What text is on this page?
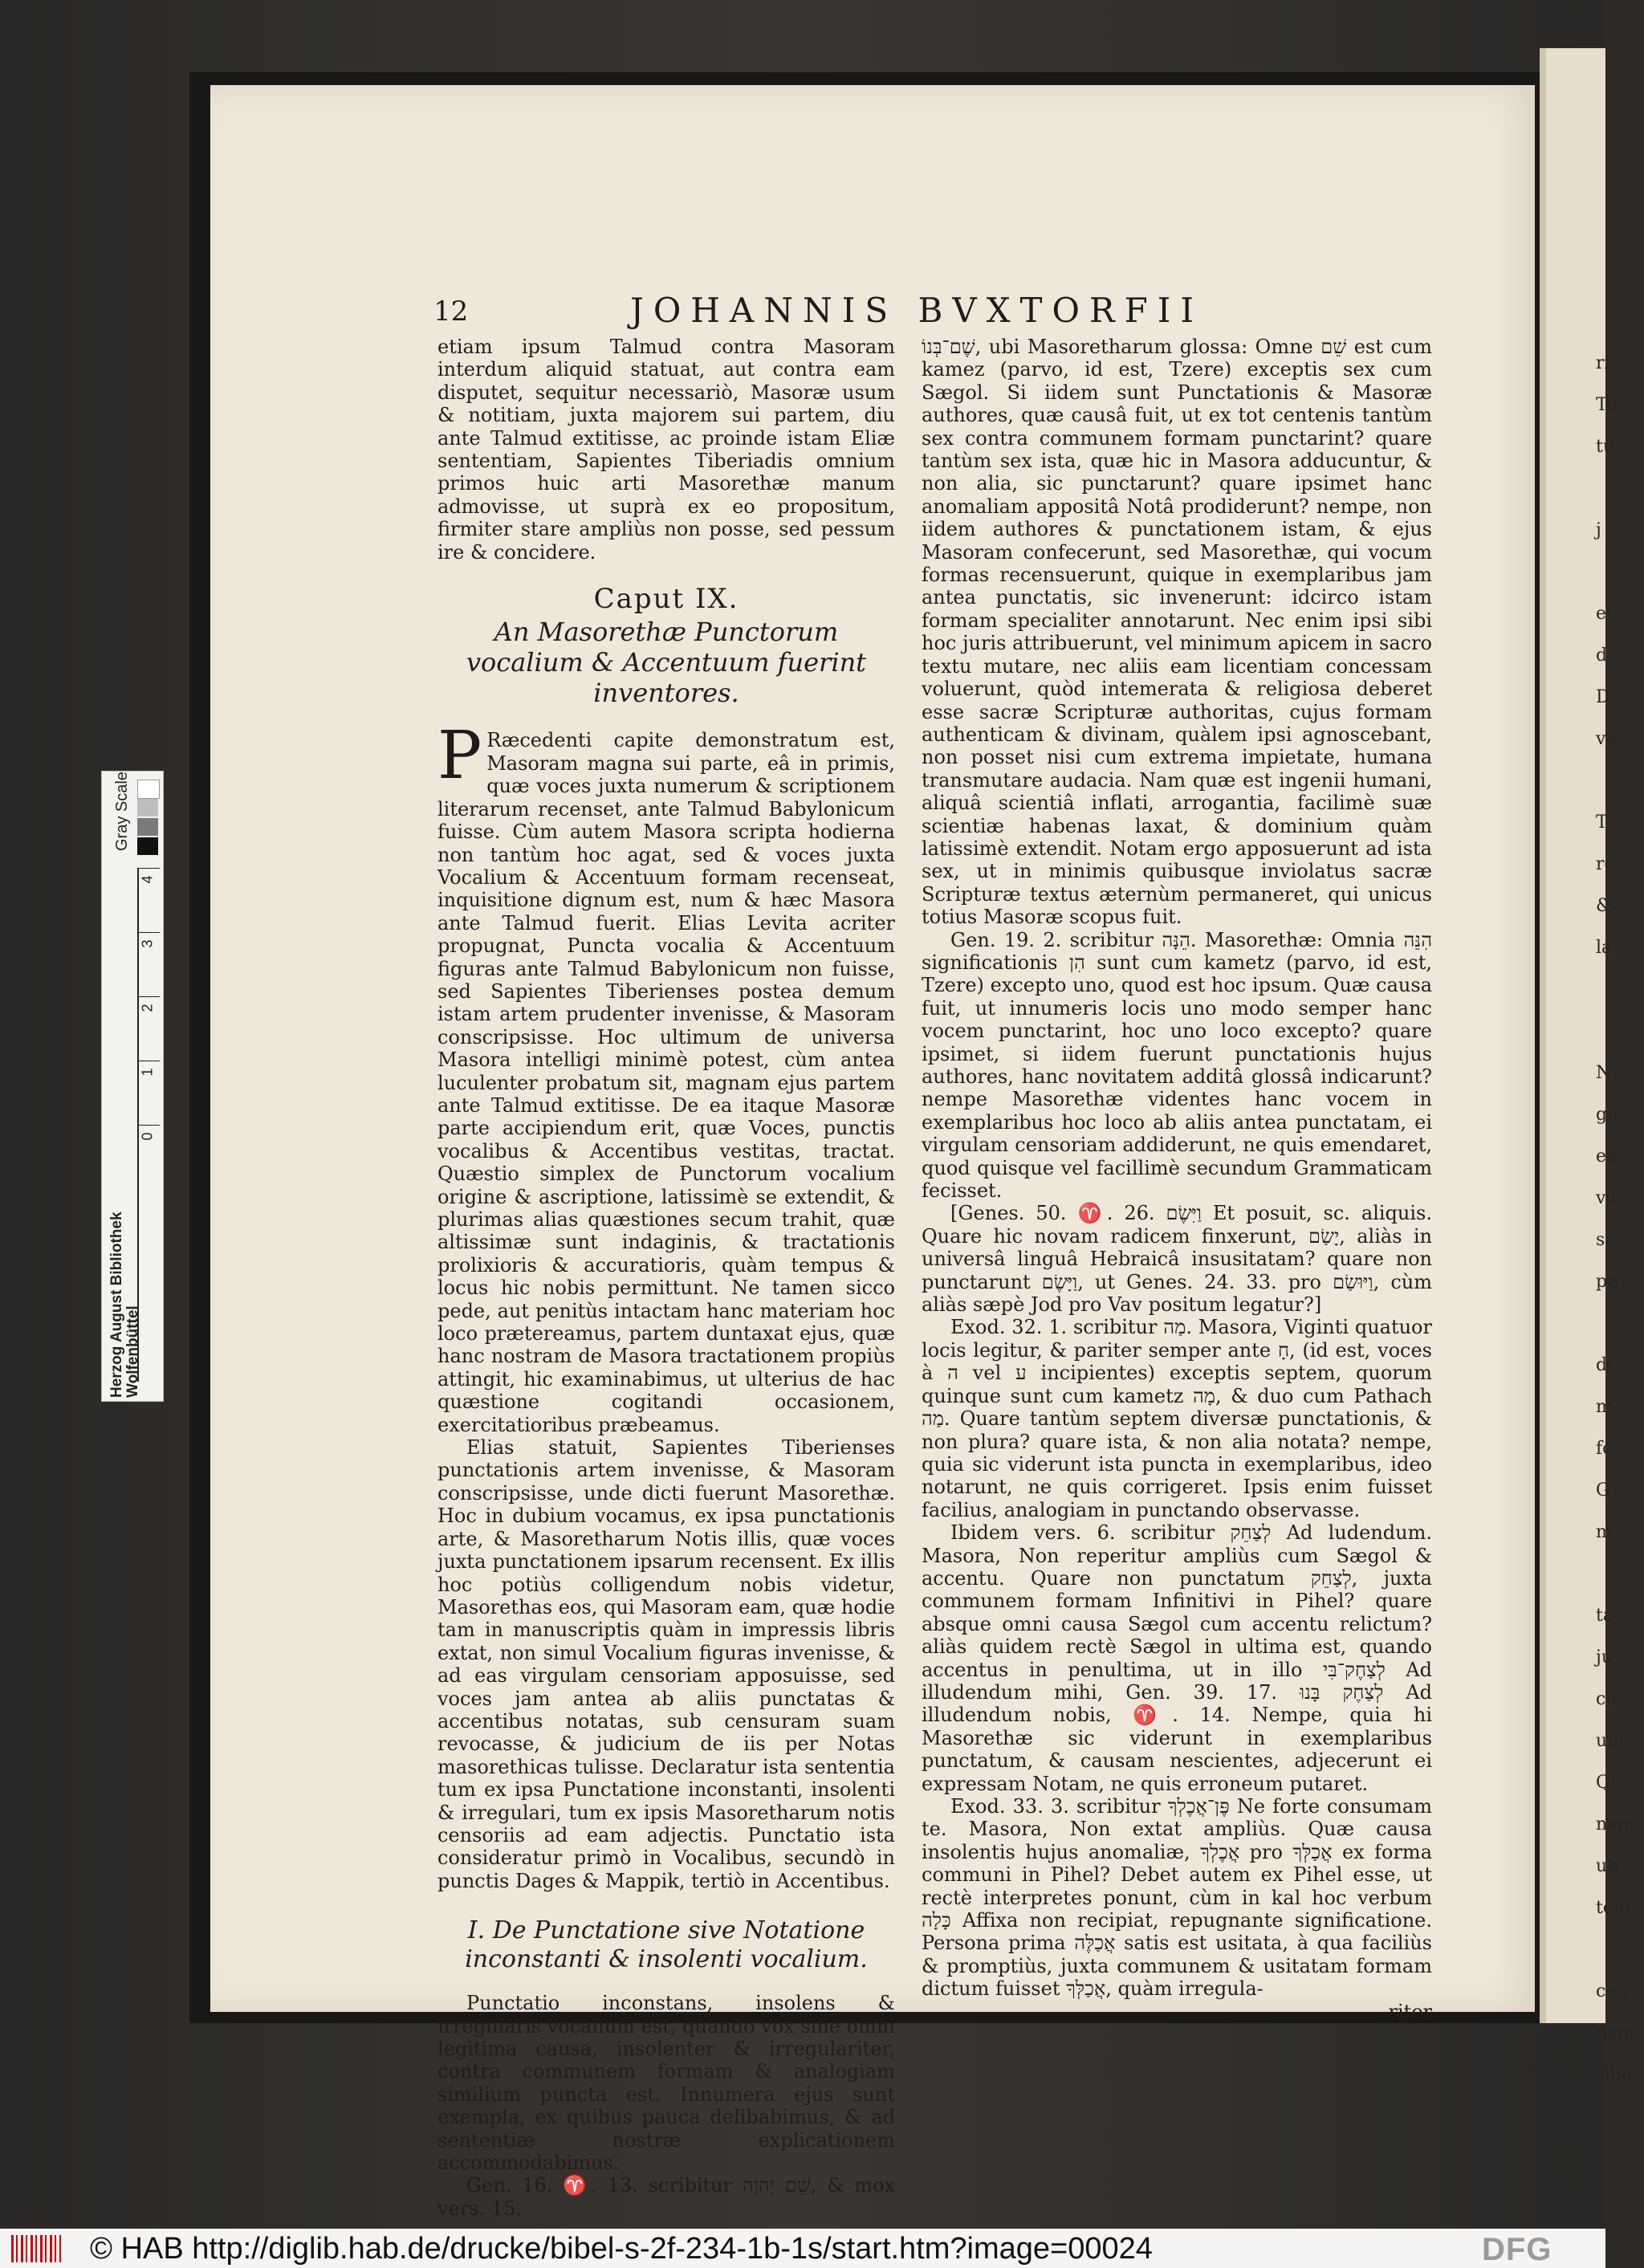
ri
Te
tu
j
ei
d
D
ve
T
re
&
la
Ni
gu
ex
vo
su
pe
di
m
fe
G
m
ta
ju
cu
ubi
Qu
nem
ub
tem
cen
nem
ribu
12	JOHANNIS BVXTORFII

etiam ipsum Talmud contra Masoram interdum aliquid statuat, aut contra eam disputet, sequitur necessariò, Masoræ usum & notitiam, juxta majorem sui partem, diu ante Talmud extitisse, ac proinde istam Eliæ sententiam, Sapientes Tiberiadis omnium primos huic arti Masorethæ manum admovisse, ut suprà ex eo propositum, firmiter stare ampliùs non posse, sed pessum ire & concidere.

Caput IX.
An Masorethæ Punctorum vocalium & Accentuum fuerint inventores.

P Ræcedenti capite demonstratum est, Masoram magna sui parte, eâ in primis, quæ voces juxta numerum & scriptionem literarum recenset, ante Talmud Babylonicum fuisse. Cùm autem Masora scripta hodierna non tantùm hoc agat, sed & voces juxta Vocalium & Accentuum formam recenseat, inquisitione dignum est, num & hæc Masora ante Talmud fuerit. Elias Levita acriter propugnat, Puncta vocalia & Accentuum figuras ante Talmud Babylonicum non fuisse, sed Sapientes Tiberienses postea demum istam artem prudenter invenisse, & Masoram conscripsisse. Hoc ultimum de universa Masora intelligi minimè potest, cùm antea luculenter probatum sit, magnam ejus partem ante Talmud extitisse. De ea itaque Masoræ parte accipiendum erit, quæ Voces, punctis vocalibus & Accentibus vestitas, tractat. Quæstio simplex de Punctorum vocalium origine & ascriptione, latissimè se extendit, & plurimas alias quæstiones secum trahit, quæ altissimæ sunt indaginis, & tractationis prolixioris & accuratioris, quàm tempus & locus hic nobis permittunt. Ne tamen sicco pede, aut penitùs intactam hanc materiam hoc loco prætereamus, partem duntaxat ejus, quæ hanc nostram de Masora tractationem propiùs attingit, hic examinabimus, ut ulterius de hac quæstione cogitandi occasionem, exercitatioribus præbeamus.

Elias statuit, Sapientes Tiberienses punctationis artem invenisse, & Masoram conscripsisse, unde dicti fuerunt Masorethæ. Hoc in dubium vocamus, ex ipsa punctationis arte, & Masoretharum Notis illis, quæ voces juxta punctationem ipsarum recensent. Ex illis hoc potiùs colligendum nobis videtur, Masorethas eos, qui Masoram eam, quæ hodie tam in manuscriptis quàm in impressis libris extat, non simul Vocalium figuras invenisse, & ad eas virgulam censoriam apposuisse, sed voces jam antea ab aliis punctatas & accentibus notatas, sub censuram suam revocasse, & judicium de iis per Notas masorethicas tulisse. Declaratur ista sententia tum ex ipsa Punctatione inconstanti, insolenti & irregulari, tum ex ipsis Masoretharum notis censoriis ad eam adjectis. Punctatio ista consideratur primò in Vocalibus, secundò in punctis Dages & Mappik, tertiò in Accentibus.

I. De Punctatione sive Notatione inconstanti & insolenti vocalium.

Punctatio inconstans, insolens & irregularis vocalium est, quando vox sine omni legitima causa, insolenter & irregulariter, contra communem formam & analogiam similium puncta est. Innumera ejus sunt exempla, ex quibus pauca delibabimus, & ad sententiæ nostræ explicationem accommodabimus.

Gen. 16. ♈. 13. scribitur שֵׁם יְהוָה, & mox vers. 15.

שֶׁם־בְּנוֹ, ubi Masoretharum glossa: Omne שֵׁם est cum kamez (parvo, id est, Tzere) exceptis sex cum Sægol. Si iidem sunt Punctationis & Masoræ authores, quæ causâ fuit, ut ex tot centenis tantùm sex contra communem formam punctarint? quare tantùm sex ista, quæ hic in Masora adducuntur, & non alia, sic punctarunt? quare ipsimet hanc anomaliam appositâ Notâ prodiderunt? nempe, non iidem authores & punctationem istam, & ejus Masoram confecerunt, sed Masorethæ, qui vocum formas recensuerunt, quique in exemplaribus jam antea punctatis, sic invenerunt: idcirco istam formam specialiter annotarunt. Nec enim ipsi sibi hoc juris attribuerunt, vel minimum apicem in sacro textu mutare, nec aliis eam licentiam concessam voluerunt, quòd intemerata & religiosa deberet esse sacræ Scripturæ authoritas, cujus formam authenticam & divinam, quàlem ipsi agnoscebant, non posset nisi cum extrema impietate, humana transmutare audacia. Nam quæ est ingenii humani, aliquâ scientiâ inflati, arrogantia, facilimè suæ scientiæ habenas laxat, & dominium quàm latissimè extendit. Notam ergo apposuerunt ad ista sex, ut in minimis quibusque inviolatus sacræ Scripturæ textus æternùm permaneret, qui unicus totius Masoræ scopus fuit.

Gen. 19. 2. scribitur הֵנָּה. Masorethæ: Omnia הִנֵּה significationis הִן sunt cum kametz (parvo, id est, Tzere) excepto uno, quod est hoc ipsum. Quæ causa fuit, ut innumeris locis uno modo semper hanc vocem punctarint, hoc uno loco excepto? quare ipsimet, si iidem fuerunt punctationis hujus authores, hanc novitatem additâ glossâ indicarunt? nempe Masorethæ videntes hanc vocem in exemplaribus hoc loco ab aliis antea punctatam, ei virgulam censoriam addiderunt, ne quis emendaret, quod quisque vel facillimè secundum Grammaticam fecisset.

[Genes. 50. ♈. 26. וַיִּשֶׂם Et posuit, sc. aliquis. Quare hic novam radicem finxerunt, יָשַׂם, aliàs in universâ linguâ Hebraicâ insusitatam? quare non punctarunt וַיָּשֶׂם, ut Genes. 24. 33. pro וַיּוּשַׂם, cùm aliàs sæpè Jod pro Vav positum legatur?]

Exod. 32. 1. scribitur מַה. Masora, Viginti quatuor locis legitur, & pariter semper ante חָ, (id est, voces à ה vel ע incipientes) exceptis septem, quorum quinque sunt cum kametz מָה, & duo cum Pathach מַה. Quare tantùm septem diversæ punctationis, & non plura? quare ista, & non alia notata? nempe, quia sic viderunt ista puncta in exemplaribus, ideo notarunt, ne quis corrigeret. Ipsis enim fuisset facilius, analogiam in punctando observasse.

Ibidem vers. 6. scribitur לְצַחֵק Ad ludendum. Masora, Non reperitur ampliùs cum Sægol & accentu. Quare non punctatum לְצַחֵק, juxta communem formam Infinitivi in Pihel? quare absque omni causa Sægol cum accentu relictum? aliàs quidem rectè Sægol in ultima est, quando accentus in penultima, ut in illo לְצַחֶק־בִּי Ad illudendum mihi, Gen. 39. 17. לְצַחֶק בָּנוּ Ad illudendum nobis, ♈. 14. Nempe, quia hi Masorethæ sic viderunt in exemplaribus punctatum, & causam nescientes, adjecerunt ei expressam Notam, ne quis erroneum putaret.

Exod. 33. 3. scribitur פֶּן־אֲכֶלְךָ Ne forte consumam te. Masora, Non extat ampliùs. Quæ causa insolentis hujus anomaliæ, אֲכֶלְךָ pro אֲכַלְּךָ ex forma communi in Pihel? Debet autem ex Pihel esse, ut rectè interpretes ponunt, cùm in kal hoc verbum כָּלָה Affixa non recipiat, repugnante significatione. Persona prima אֲכַלֶּה satis est usitata, à qua faciliùs & promptiùs, juxta communem & usitatam formam dictum fuisset אֲכַלְּךָ, quàm irregula-

riter

Gray Scale
4
3
2
1
0
Herzog August Bibliothek Wolfenbüttel
© HAB http://diglib.hab.de/drucke/bibel-s-2f-234-1b-1s/start.htm?image=00024	DFG
